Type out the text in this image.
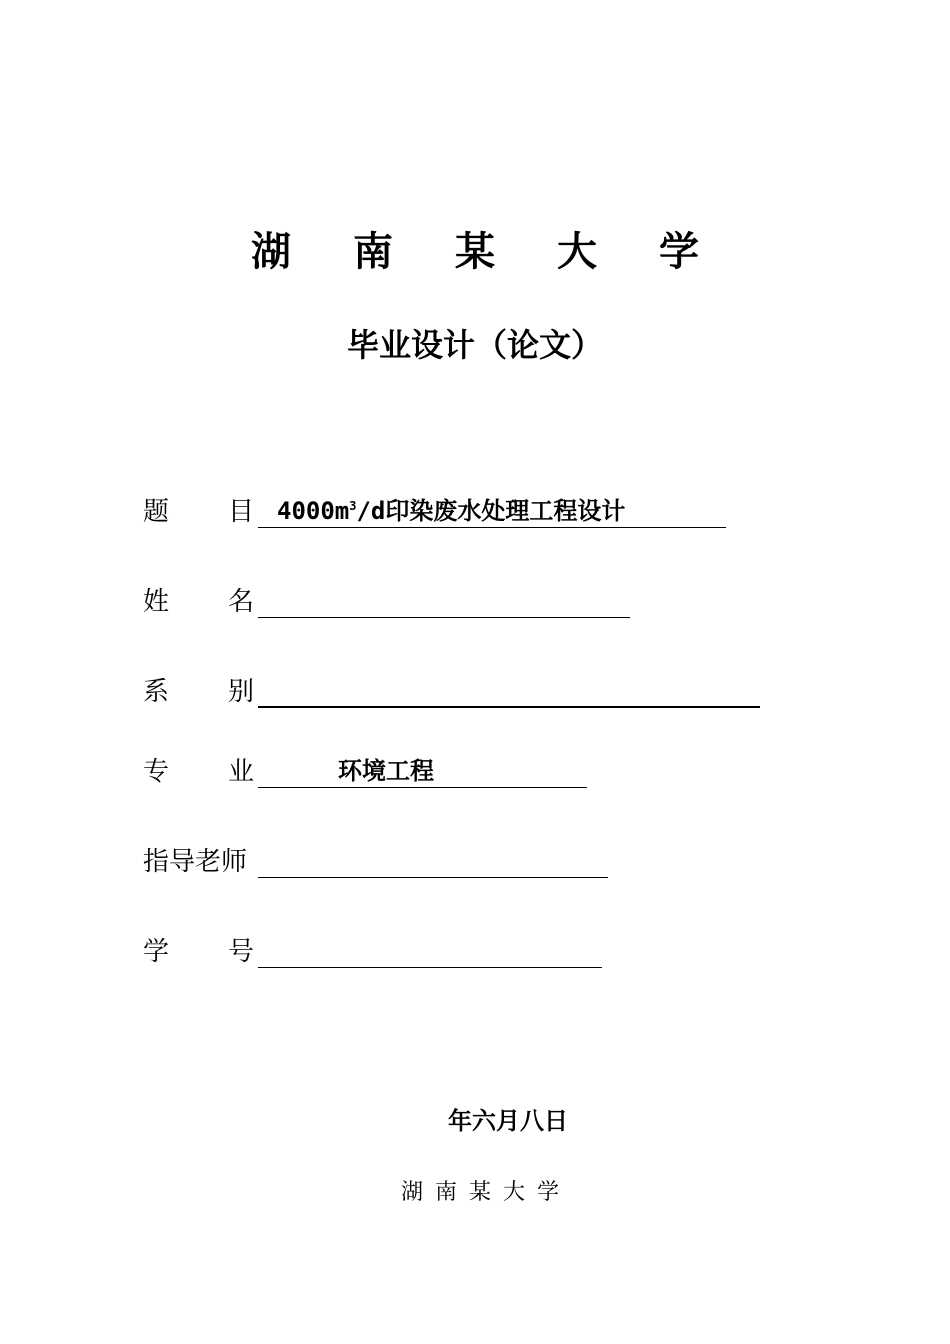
湖 南 某 大 学
毕业设计（论文）
题 目 $4000m^3/d$印染废水处理工程设计
姓 名
系 别
专 业	环境工程
指导老师
学 号
年六月八日
湖 南 某 大 学
